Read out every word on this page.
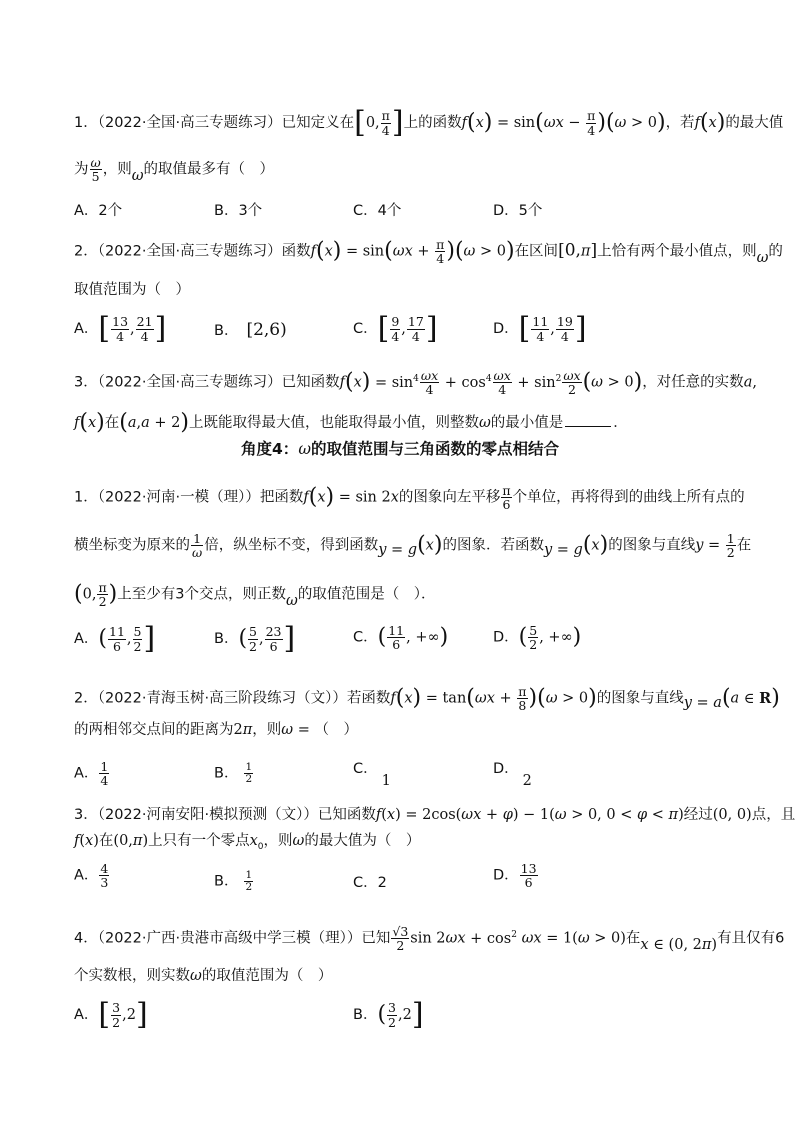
1．（2022·全国·高三专题练习）已知定义在[0, $\frac{\pi}{4}$ ]上的函数$f(x) = \sin(\omega x - \frac{\pi}{4} )(\omega > 0)$，若f(x)的最大值
为 $\frac{\omega}{5}$ ，则ω的取值最多有（　）
A．2个	B．3个	C．4个	D．5个
2．（2022·全国·高三专题练习）函数$f(x) = \sin(\omega x + \frac{\pi}{4} )(\omega > 0)$在区间[0,π]上恰有两个最小值点，则ω的
取值范围为（　）
A．[ $\frac{13}{4}$ , $\frac{21}{4}$ ]	B． [2,6)	C．[ $\frac{9}{4}$ , $\frac{17}{4}$ ]	D．[ $\frac{11}{4}$ , $\frac{19}{4}$ ]
3．（2022·全国·高三专题练习）已知函数$f(x) = \sin^4 \frac{\omega x}{4} + \cos^4 \frac{\omega x}{4} + \sin^2 \frac{\omega x}{2} (\omega > 0)$，对任意的实数a,
f(x)在(a,a + 2)上既能取得最大值，也能取得最小值，则整数ω的最小值是	．
角度4：ω的取值范围与三角函数的零点相结合
1．（2022·河南·一模（理））把函数f(x) = sin 2x的图象向左平移 $\frac{\pi}{6}$ 个单位，再将得到的曲线上所有点的
横坐标变为原来的 $\frac{1}{\omega}$ 倍，纵坐标不变，得到函数y = g(x)的图象．若函数y = g(x)的图象与直线$y = \frac{1}{2}$ 在
(0, $\frac{\pi}{2}$ )上至少有3个交点，则正数ω的取值范围是（　）．
A．( $\frac{11}{6}$ , $\frac{5}{2}$ ]	B．( $\frac{5}{2}$ , $\frac{23}{6}$ ]	C．( $\frac{11}{6}$ , +∞)	D．( $\frac{5}{2}$ , +∞)
2．（2022·青海玉树·高三阶段练习（文））若函数$f(x) = \tan(\omega x + \frac{\pi}{8} )(\omega > 0)$的图象与直线y = a(a ∈ R)
的两相邻交点间的距离为2π，则ω = （　）
A． $\frac{1}{4}$	B． $\frac{1}{2}$	C．1
D．2
3．（2022·河南安阳·模拟预测（文））已知函数f(x) = 2cos(ωx + φ) − 1(ω > 0, 0 < φ < π)经过(0, 0)点，且
f(x)在(0,π)上只有一个零点$x_0$，则ω的最大值为（　）
A． $\frac{4}{3}$	B． $\frac{1}{2}$	C．2	D． $\frac{13}{6}$
4．（2022·广西·贵港市高级中学三模（理））已知 $\frac{√3}{2}$ $\sin 2\omega x + \cos^2 \omega x = 1(\omega > 0)$在x ∈ (0, 2π)有且仅有6
个实数根，则实数ω的取值范围为（　）
A．[ $\frac{3}{2} ,2$]	B．( $\frac{3}{2} ,2$]
